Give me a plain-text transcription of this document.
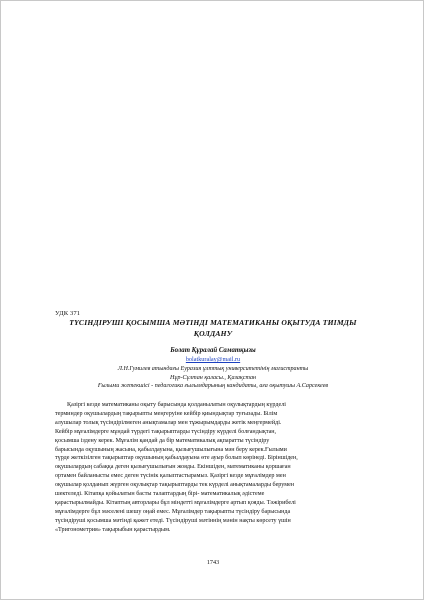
УДК 371
ТҮСІНДІРУШІ ҚОСЫМША МӘТІНДІ МАТЕМАТИКАНЫ ОҚЫТУДА ТИІМДЫ
ҚОЛДАНУ
Болат Құралай Саматқызы
bolatkuralay@mail.ru
Л.Н.Гумилев атындағы Еуразия ұлттық университетінің магистранты
Нұр-Сұлтан қаласы., Қазақстан
Ғылыми жетекшісі - педагогика ғылымдарының кандидаты, аға оқытушы А.Сарсекеев
Қазіргі кезде математиканы оқыту барысында қолданылатын оқулықтардың күрделі
терминдер оқушылардың тақырыпты меңгеруіне кейбір қиындықтар туғызады. Білім
алушылар толық түсіндірілмеген анықтамалар мен тұжырымдарды жетік меңгермейді.
Кейбір мұғалімдерге мұндай түрдегі тақырыптарды түсіндіру күрделі болғандықтан,
қосымша іздену керек. Мұғалім қандай да бір математикалық ақпаратты түсіндіру
барысында оқушының жасына, қабылдауына, қызығушылығына мән беру керек.Ғылыми
түрде жеткізілген тақырыптар оқушының қабылдауына өте ауыр болып көрінеді. Біріншіден,
оқушылардың сабаққа деген қызығушылығын жояды. Екіншіден, математиканы қоршаған
ортамен байланысты емес деген түсінік қалыптастырамыз. Қазіргі кезде мұғалімдер мен
оқушылар қолданып жүрген оқулықтар тақырыптарды тек күрделі анықтамаларды берумен
шектеледі. Кітапқа қойылатын басты талаптардың бірі- математикалық әдістеме
қарастырылмайды. Кітаптың авторлары бұл міндетті мұғалімдерге артып қояды. Тәжірибелі
мұғалімдерге бұл мәселені шешу оңай емес. Мұғалімдер тақырыпты түсіндіру барысында
түсіндіруші қосымша мәтінді қажет етеді. Түсіндіруші мәтіннің мәнін нақты көрсету үшін
«Тригонометрия» тақырыбын қарастырдым.
1743
